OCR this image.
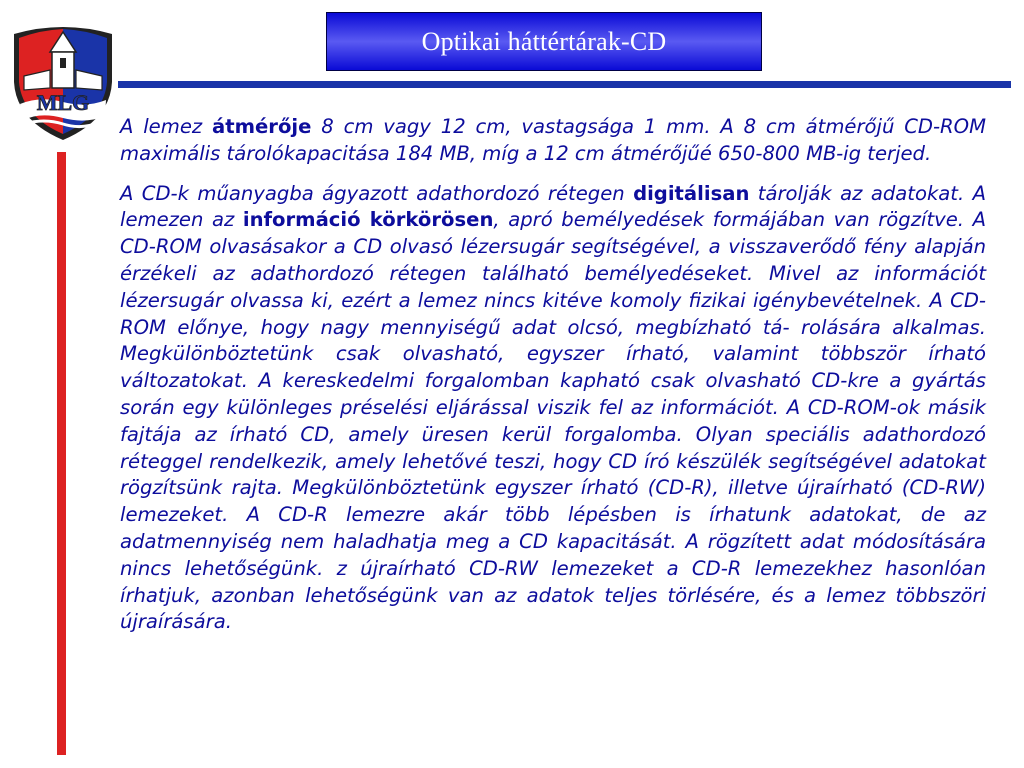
MLG
Optikai háttértárak-CD

A lemez átmérője 8 cm vagy 12 cm, vastagsága 1 mm. A 8 cm átmérőjű CD-ROM maximális tárolókapacitása 184 MB, míg a 12 cm átmérőjűé 650-800 MB-ig terjed.

A CD-k műanyagba ágyazott adathordozó rétegen digitálisan tárolják az adatokat. A lemezen az információ körkörösen, apró bemélyedések formájában van rögzítve. A CD-ROM olvasásakor a CD olvasó lézersugár segítségével, a visszaverődő fény alapján érzékeli az adathordozó rétegen található bemélyedéseket. Mivel az információt lézersugár olvassa ki, ezért a lemez nincs kitéve komoly fizikai igénybevételnek. A CD-ROM előnye, hogy nagy mennyiségű adat olcsó, megbízható tá- rolására alkalmas. Megkülönböztetünk csak olvasható, egyszer írható, valamint többször írható változatokat. A kereskedelmi forgalomban kapható csak olvasható CD-kre a gyártás során egy különleges préselési eljárással viszik fel az információt. A CD-ROM-ok másik fajtája az írható CD, amely üresen kerül forgalomba. Olyan speciális adathordozó réteggel rendelkezik, amely lehetővé teszi, hogy CD író készülék segítségével adatokat rögzítsünk rajta. Megkülönböztetünk egyszer írható (CD-R), illetve újraírható (CD-RW) lemezeket. A CD-R lemezre akár több lépésben is írhatunk adatokat, de az adatmennyiség nem haladhatja meg a CD kapacitását. A rögzített adat módosítására nincs lehetőségünk. z újraírható CD-RW lemezeket a CD-R lemezekhez hasonlóan írhatjuk, azonban lehetőségünk van az adatok teljes törlésére, és a lemez többszöri újraírására.
